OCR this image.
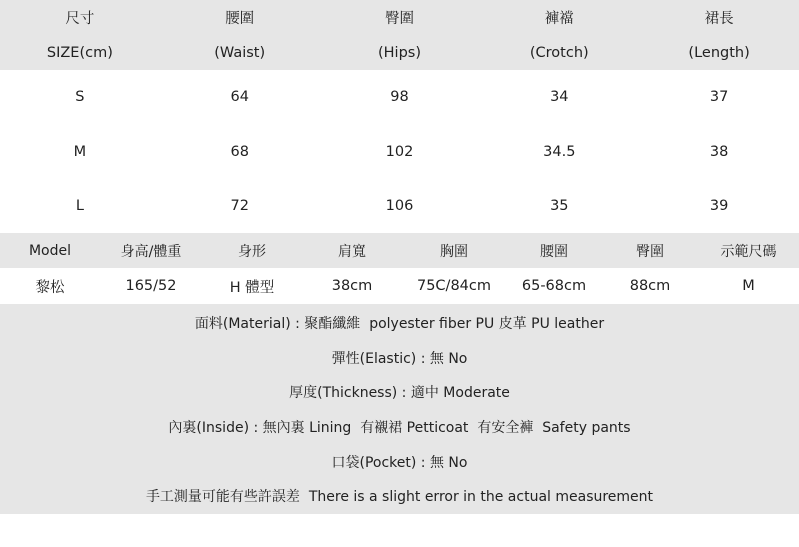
尺寸	腰圍	臀圍	褲襠	裙長
SIZE(cm)	(Waist)	(Hips)	(Crotch)	(Length)
S	64	98	34	37
M	68	102	34.5	38
L	72	106	35	39
Model	身高/體重	身形	肩寬	胸圍	腰圍	臀圍	示範尺碼
黎松	165/52	H 體型	38cm	75C/84cm	65-68cm	88cm	M
面料(Material) : 聚酯纖維  polyester fiber PU 皮革 PU leather
彈性(Elastic) : 無 No
厚度(Thickness) : 適中 Moderate
內裏(Inside) : 無內裏 Lining  有襯裙 Petticoat  有安全褲  Safety pants
口袋(Pocket) : 無 No
手工測量可能有些許誤差  There is a slight error in the actual measurement
